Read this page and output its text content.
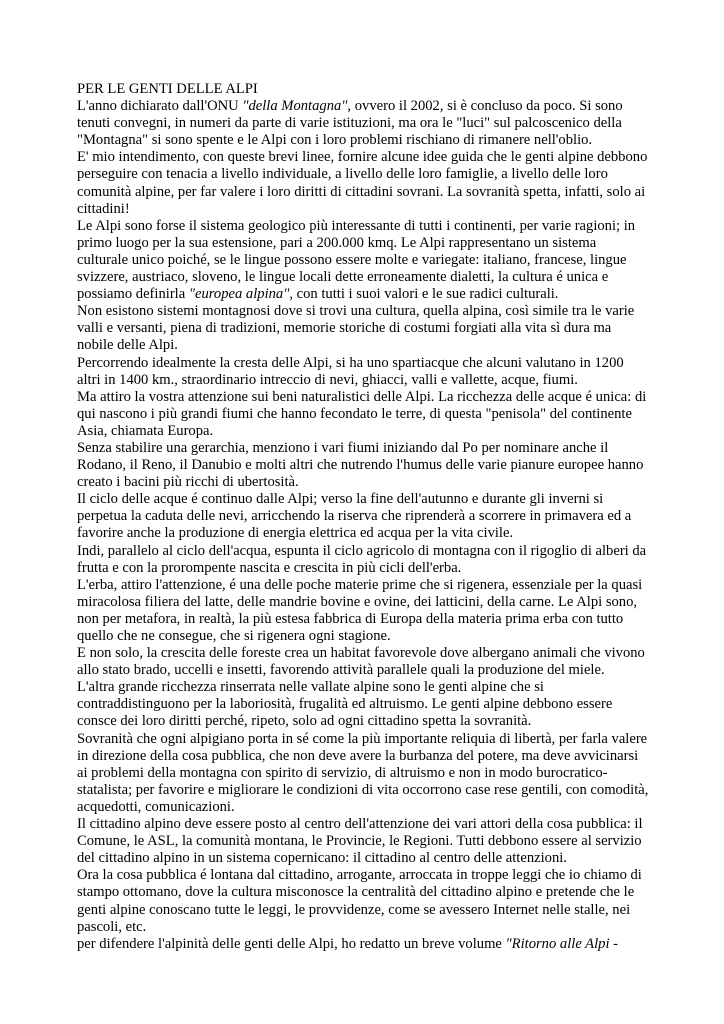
PER LE GENTI DELLE ALPI

L'anno dichiarato dall'ONU "della Montagna", ovvero il 2002, si è concluso da poco. Si sono tenuti convegni, in numeri da parte di varie istituzioni, ma ora le "luci" sul palcoscenico della "Montagna" si sono spente e le Alpi con i loro problemi rischiano di rimanere nell'oblio.

E' mio intendimento, con queste brevi linee, fornire alcune idee guida che le genti alpine debbono perseguire con tenacia a livello individuale, a livello delle loro famiglie, a livello delle loro comunità alpine, per far valere i loro diritti di cittadini sovrani. La sovranità spetta, infatti, solo ai cittadini!

Le Alpi sono forse il sistema geologico più interessante di tutti i continenti, per varie ragioni; in primo luogo per la sua estensione, pari a 200.000 kmq. Le Alpi rappresentano un sistema culturale unico poiché, se le lingue possono essere molte e variegate: italiano, francese, lingue svizzere, austriaco, sloveno, le lingue locali dette erroneamente dialetti, la cultura é unica e possiamo definirla "europea alpina", con tutti i suoi valori e le sue radici culturali.

Non esistono sistemi montagnosi dove si trovi una cultura, quella alpina, così simile tra le varie valli e versanti, piena di tradizioni, memorie storiche di costumi forgiati alla vita sì dura ma nobile delle Alpi.

Percorrendo idealmente la cresta delle Alpi, si ha uno spartiacque che alcuni valutano in 1200 altri in 1400 km., straordinario intreccio di nevi, ghiacci, valli e vallette, acque, fiumi.

Ma attiro la vostra attenzione sui beni naturalistici delle Alpi. La ricchezza delle acque é unica: di qui nascono i più grandi fiumi che hanno fecondato le terre, di questa "penisola" del continente Asia, chiamata Europa.

Senza stabilire una gerarchia, menziono i vari fiumi iniziando dal Po per nominare anche il Rodano, il Reno, il Danubio e molti altri che nutrendo l'humus delle varie pianure europee hanno creato i bacini più ricchi di ubertosità.

Il ciclo delle acque é continuo dalle Alpi; verso la fine dell'autunno e durante gli inverni si perpetua la caduta delle nevi, arricchendo la riserva che riprenderà a scorrere in primavera ed a favorire anche la produzione di energia elettrica ed acqua per la vita civile.

Indi, parallelo al ciclo dell'acqua, espunta il ciclo agricolo di montagna con il rigoglio di alberi da frutta e con la prorompente nascita e crescita in più cicli dell'erba.

L'erba, attiro l'attenzione, é una delle poche materie prime che si rigenera, essenziale per la quasi miracolosa filiera del latte, delle mandrie bovine e ovine, dei latticini, della carne. Le Alpi sono, non per metafora, in realtà, la più estesa fabbrica di Europa della materia prima erba con tutto quello che ne consegue, che si rigenera ogni stagione.

E non solo, la crescita delle foreste crea un habitat favorevole dove albergano animali che vivono allo stato brado, uccelli e insetti, favorendo attività parallele quali la produzione del miele.

L'altra grande ricchezza rinserrata nelle vallate alpine sono le genti alpine che si contraddistinguono per la laboriosità, frugalità ed altruismo. Le genti alpine debbono essere consce dei loro diritti perché, ripeto, solo ad ogni cittadino spetta la sovranità.

Sovranità che ogni alpigiano porta in sé come la più importante reliquia di libertà, per farla valere in direzione della cosa pubblica, che non deve avere la burbanza del potere, ma deve avvicinarsi ai problemi della montagna con spirito di servizio, di altruismo e non in modo burocratico-statalista; per favorire e migliorare le condizioni di vita occorrono case rese gentili, con comodità, acquedotti, comunicazioni.

Il cittadino alpino deve essere posto al centro dell'attenzione dei vari attori della cosa pubblica: il Comune, le ASL, la comunità montana, le Provincie, le Regioni. Tutti debbono essere al servizio del cittadino alpino in un sistema copernicano: il cittadino al centro delle attenzioni.

Ora la cosa pubblica é lontana dal cittadino, arrogante, arroccata in troppe leggi che io chiamo di stampo ottomano, dove la cultura misconosce la centralità del cittadino alpino e pretende che le genti alpine conoscano tutte le leggi, le provvidenze, come se avessero Internet nelle stalle, nei pascoli, etc.

per difendere l'alpinità delle genti delle Alpi, ho redatto un breve volume "Ritorno alle Alpi -
